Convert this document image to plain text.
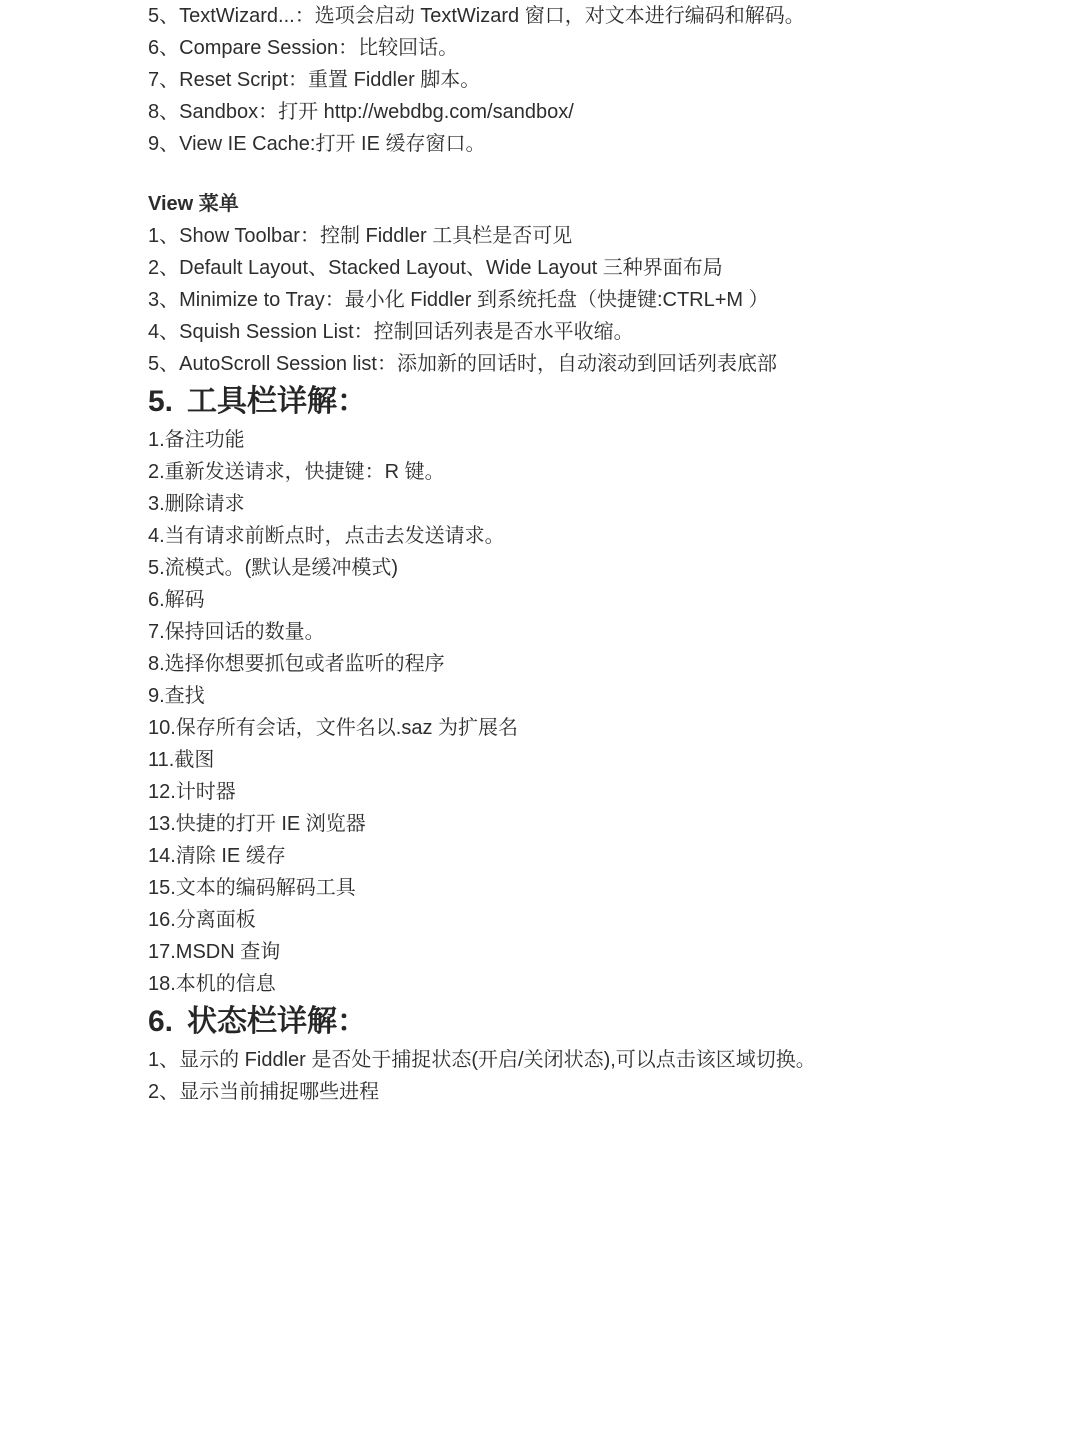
5、TextWizard...：选项会启动 TextWizard 窗口，对文本进行编码和解码。
6、Compare Session：比较回话。
7、Reset Script：重置 Fiddler 脚本。
8、Sandbox：打开 http://webdbg.com/sandbox/
9、View IE Cache:打开 IE 缓存窗口。

View 菜单

1、Show Toolbar：控制 Fiddler 工具栏是否可见
2、Default Layout、Stacked Layout、Wide Layout 三种界面布局
3、Minimize to Tray：最小化 Fiddler 到系统托盘（快捷键:CTRL+M ）
4、Squish Session List：控制回话列表是否水平收缩。
5、AutoScroll Session list：添加新的回话时，自动滚动到回话列表底部
5. 工具栏详解：
1.备注功能
2.重新发送请求，快捷键：R 键。
3.删除请求
4.当有请求前断点时，点击去发送请求。
5.流模式。(默认是缓冲模式)
6.解码
7.保持回话的数量。
8.选择你想要抓包或者监听的程序
9.查找
10.保存所有会话，文件名以.saz 为扩展名
11.截图
12.计时器
13.快捷的打开 IE 浏览器
14.清除 IE 缓存
15.文本的编码解码工具
16.分离面板
17.MSDN 查询
18.本机的信息
6. 状态栏详解：
1、显示的 Fiddler 是否处于捕捉状态(开启/关闭状态),可以点击该区域切换。
2、显示当前捕捉哪些进程
